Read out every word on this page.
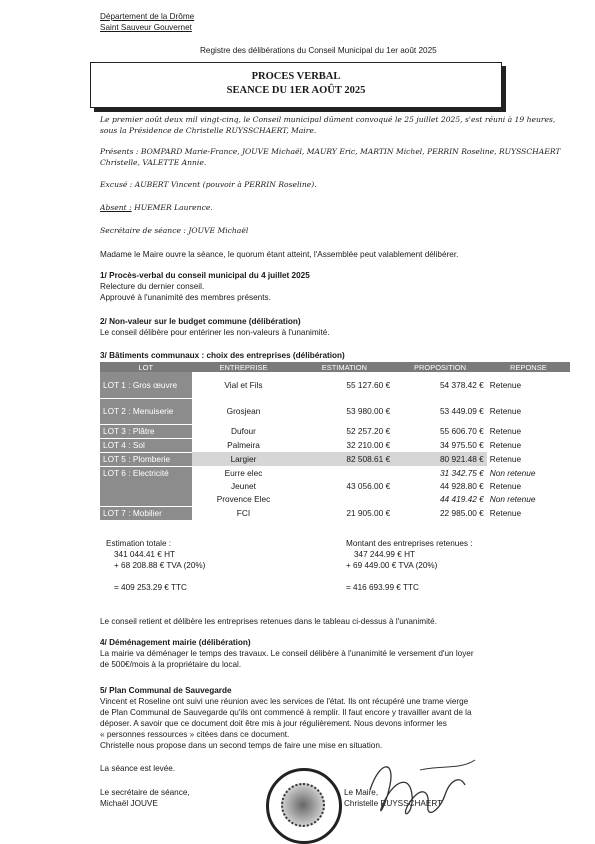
Département de la Drôme
Saint Sauveur Gouvernet
Registre des délibérations du Conseil Municipal du 1er août 2025
PROCES VERBAL
SEANCE DU 1ER AOÛT 2025
Le premier août deux mil vingt-cinq, le Conseil municipal dûment convoqué le 25 juillet 2025, s'est réuni à 19 heures, sous la Présidence de Christelle RUYSSCHAERT, Maire.
Présents : BOMPARD Marie-France, JOUVE Michaël, MAURY Eric, MARTIN Michel, PERRIN Roseline, RUYSSCHAERT Christelle, VALETTE Annie.
Excusé : AUBERT Vincent (pouvoir à PERRIN Roseline).
Absent : HUEMER Laurence.
Secrétaire de séance : JOUVE Michaël
Madame le Maire ouvre la séance, le quorum étant atteint, l'Assemblée peut valablement délibérer.
1/ Procès-verbal du conseil municipal du 4 juillet 2025
Relecture du dernier conseil.
Approuvé à l'unanimité des membres présents.
2/ Non-valeur sur le budget commune (délibération)
Le conseil délibère pour entériner les non-valeurs à l'unanimité.
3/ Bâtiments communaux : choix des entreprises (délibération)
LOT	ENTREPRISE	ESTIMATION	PROPOSITION	REPONSE
LOT 1 : Gros œuvre	Vial et Fils	55 127.60 €	54 378.42 €	Retenue
LOT 2 : Menuiserie	Grosjean	53 980.00 €	53 449.09 €	Retenue
LOT 3 : Plâtre	Dufour	52 257.20 €	55 606.70 €	Retenue
LOT 4 : Sol	Palmeira	32 210.00 €	34 975.50 €	Retenue
LOT 5 : Plomberie	Largier	82 508.61 €	80 921.48 €	Retenue
LOT 6 : Electricité	Eurre elec		31 342.75 €	Non retenue
	Jeunet	43 056.00 €	44 928.80 €	Retenue
	Provence Elec		44 419.42 €	Non retenue
LOT 7 : Mobilier	FCI	21 905.00 €	22 985.00 €	Retenue
Estimation totale :
341 044.41 € HT
+ 68 208.88 € TVA (20%)
= 409 253.29 € TTC
Montant des entreprises retenues :
347 244.99 € HT
+ 69 449.00 € TVA (20%)
= 416 693.99 € TTC
Le conseil retient et délibère les entreprises retenues dans le tableau ci-dessus à l'unanimité.
4/ Déménagement mairie (délibération)
La mairie va déménager le temps des travaux. Le conseil délibère à l'unanimité le versement d'un loyer
de 500€/mois à la propriétaire du local.
5/ Plan Communal de Sauvegarde
Vincent et Roseline ont suivi une réunion avec les services de l'état. Ils ont récupéré une trame vierge
de Plan Communal de Sauvegarde qu'ils ont commencé à remplir. Il faut encore y travailler avant de la
déposer. A savoir que ce document doit être mis à jour régulièrement. Nous devons informer les
« personnes ressources » citées dans ce document.
Christelle nous propose dans un second temps de faire une mise en situation.
La séance est levée.
Le secrétaire de séance,
Michaël JOUVE
Le Maire,
Christelle RUYSSCHAERT
